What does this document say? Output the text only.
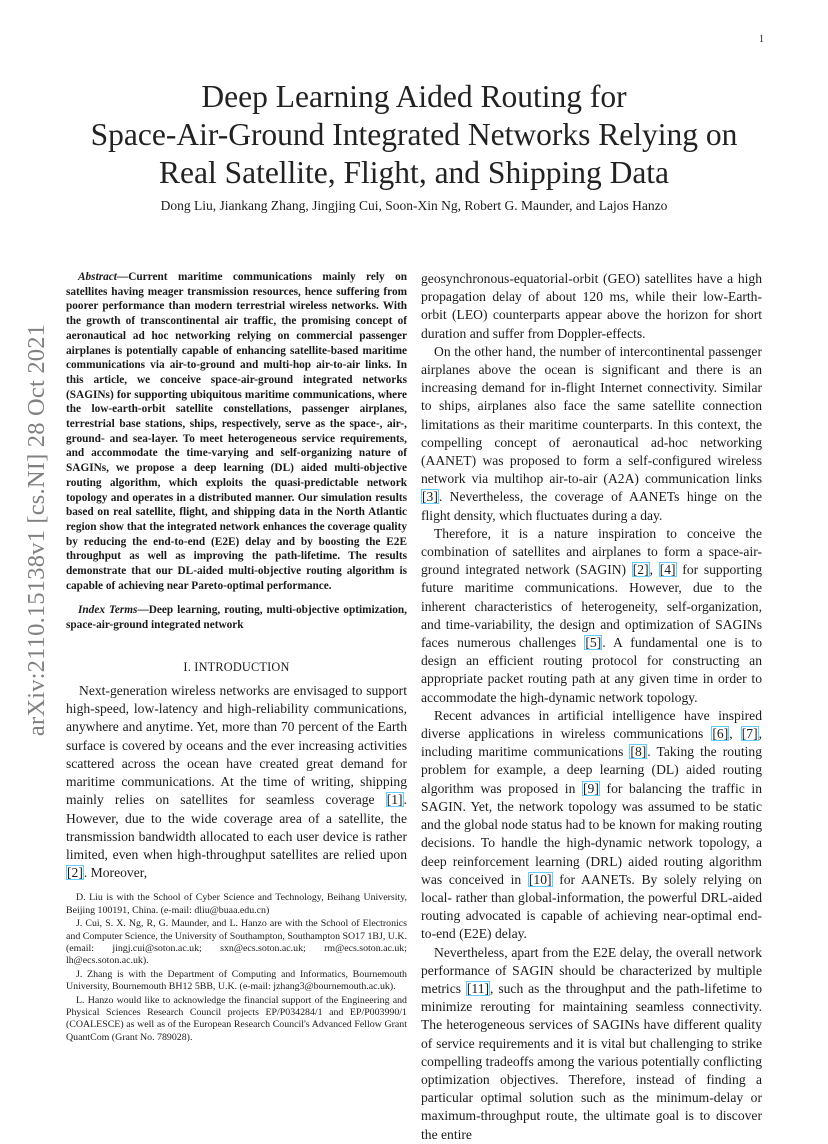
1
arXiv:2110.15138v1 [cs.NI] 28 Oct 2021
Deep Learning Aided Routing for
Space-Air-Ground Integrated Networks Relying on
Real Satellite, Flight, and Shipping Data
Dong Liu, Jiankang Zhang, Jingjing Cui, Soon-Xin Ng, Robert G. Maunder, and Lajos Hanzo

Abstract—Current maritime communications mainly rely on satellites having meager transmission resources, hence suffering from poorer performance than modern terrestrial wireless networks. With the growth of transcontinental air traffic, the promising concept of aeronautical ad hoc networking relying on commercial passenger airplanes is potentially capable of enhancing satellite-based maritime communications via air-to-ground and multi-hop air-to-air links. In this article, we conceive space-air-ground integrated networks (SAGINs) for supporting ubiquitous maritime communications, where the low-earth-orbit satellite constellations, passenger airplanes, terrestrial base stations, ships, respectively, serve as the space-, air-, ground- and sea-layer. To meet heterogeneous service requirements, and accommodate the time-varying and self-organizing nature of SAGINs, we propose a deep learning (DL) aided multi-objective routing algorithm, which exploits the quasi-predictable network topology and operates in a distributed manner. Our simulation results based on real satellite, flight, and shipping data in the North Atlantic region show that the integrated network enhances the coverage quality by reducing the end-to-end (E2E) delay and by boosting the E2E throughput as well as improving the path-lifetime. The results demonstrate that our DL-aided multi-objective routing algorithm is capable of achieving near Pareto-optimal performance.

Index Terms—Deep learning, routing, multi-objective optimization, space-air-ground integrated network

I. INTRODUCTION

Next-generation wireless networks are envisaged to support high-speed, low-latency and high-reliability communications, anywhere and anytime. Yet, more than 70 percent of the Earth surface is covered by oceans and the ever increasing activities scattered across the ocean have created great demand for maritime communications. At the time of writing, shipping mainly relies on satellites for seamless coverage [1]. However, due to the wide coverage area of a satellite, the transmission bandwidth allocated to each user device is rather limited, even when high-throughput satellites are relied upon [2]. Moreover,

D. Liu is with the School of Cyber Science and Technology, Beihang University, Beijing 100191, China. (e-mail: dliu@buaa.edu.cn)

J. Cui, S. X. Ng, R, G. Maunder, and L. Hanzo are with the School of Electronics and Computer Science, the University of Southampton, Southampton SO17 1BJ, U.K. (email: jingj.cui@soton.ac.uk; sxn@ecs.soton.ac.uk; rm@ecs.soton.ac.uk; lh@ecs.soton.ac.uk).

J. Zhang is with the Department of Computing and Informatics, Bournemouth University, Bournemouth BH12 5BB, U.K. (e-mail: jzhang3@bournemouth.ac.uk).

L. Hanzo would like to acknowledge the financial support of the Engineering and Physical Sciences Research Council projects EP/P034284/1 and EP/P003990/1 (COALESCE) as well as of the European Research Council's Advanced Fellow Grant QuantCom (Grant No. 789028).

geosynchronous-equatorial-orbit (GEO) satellites have a high propagation delay of about 120 ms, while their low-Earth-orbit (LEO) counterparts appear above the horizon for short duration and suffer from Doppler-effects.

On the other hand, the number of intercontinental passenger airplanes above the ocean is significant and there is an increasing demand for in-flight Internet connectivity. Similar to ships, airplanes also face the same satellite connection limitations as their maritime counterparts. In this context, the compelling concept of aeronautical ad-hoc networking (AANET) was proposed to form a self-configured wireless network via multihop air-to-air (A2A) communication links [3]. Nevertheless, the coverage of AANETs hinge on the flight density, which fluctuates during a day.

Therefore, it is a nature inspiration to conceive the combination of satellites and airplanes to form a space-air-ground integrated network (SAGIN) [2], [4] for supporting future maritime communications. However, due to the inherent characteristics of heterogeneity, self-organization, and time-variability, the design and optimization of SAGINs faces numerous challenges [5]. A fundamental one is to design an efficient routing protocol for constructing an appropriate packet routing path at any given time in order to accommodate the high-dynamic network topology.

Recent advances in artificial intelligence have inspired diverse applications in wireless communications [6], [7], including maritime communications [8]. Taking the routing problem for example, a deep learning (DL) aided routing algorithm was proposed in [9] for balancing the traffic in SAGIN. Yet, the network topology was assumed to be static and the global node status had to be known for making routing decisions. To handle the high-dynamic network topology, a deep reinforcement learning (DRL) aided routing algorithm was conceived in [10] for AANETs. By solely relying on local- rather than global-information, the powerful DRL-aided routing advocated is capable of achieving near-optimal end-to-end (E2E) delay.

Nevertheless, apart from the E2E delay, the overall network performance of SAGIN should be characterized by multiple metrics [11], such as the throughput and the path-lifetime to minimize rerouting for maintaining seamless connectivity. The heterogeneous services of SAGINs have different quality of service requirements and it is vital but challenging to strike compelling tradeoffs among the various potentially conflicting optimization objectives. Therefore, instead of finding a particular optimal solution such as the minimum-delay or maximum-throughput route, the ultimate goal is to discover the entire
